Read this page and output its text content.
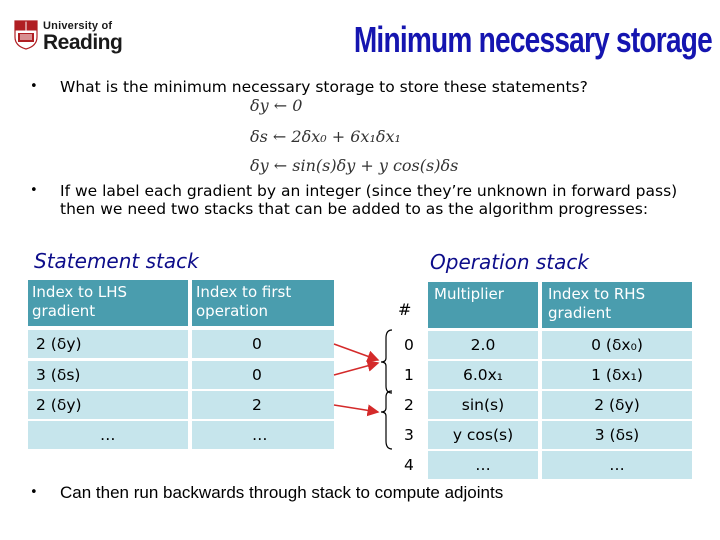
University of
Reading	Minimum necessary storage
• What is the minimum necessary storage to store these statements?
δy ← 0
δs ← 2δx₀ + 6x₁δx₁
δy ← sin(s)δy + y cos(s)δs
• If we label each gradient by an integer (since they’re unknown in forward pass) then we need two stacks that can be added to as the algorithm progresses:
Statement stack	Operation stack
Index to LHS gradient
Index to first operation
2 (δy)	0
3 (δs)	0
2 (δy)	2
…	…
#
Multiplier	Index to RHS gradient
0	2.0	0 (δx₀)
1	6.0x₁	1 (δx₁)
2	sin(s)	2 (δy)
3	y cos(s)	3 (δs)
4	…	…
• Can then run backwards through stack to compute adjoints
